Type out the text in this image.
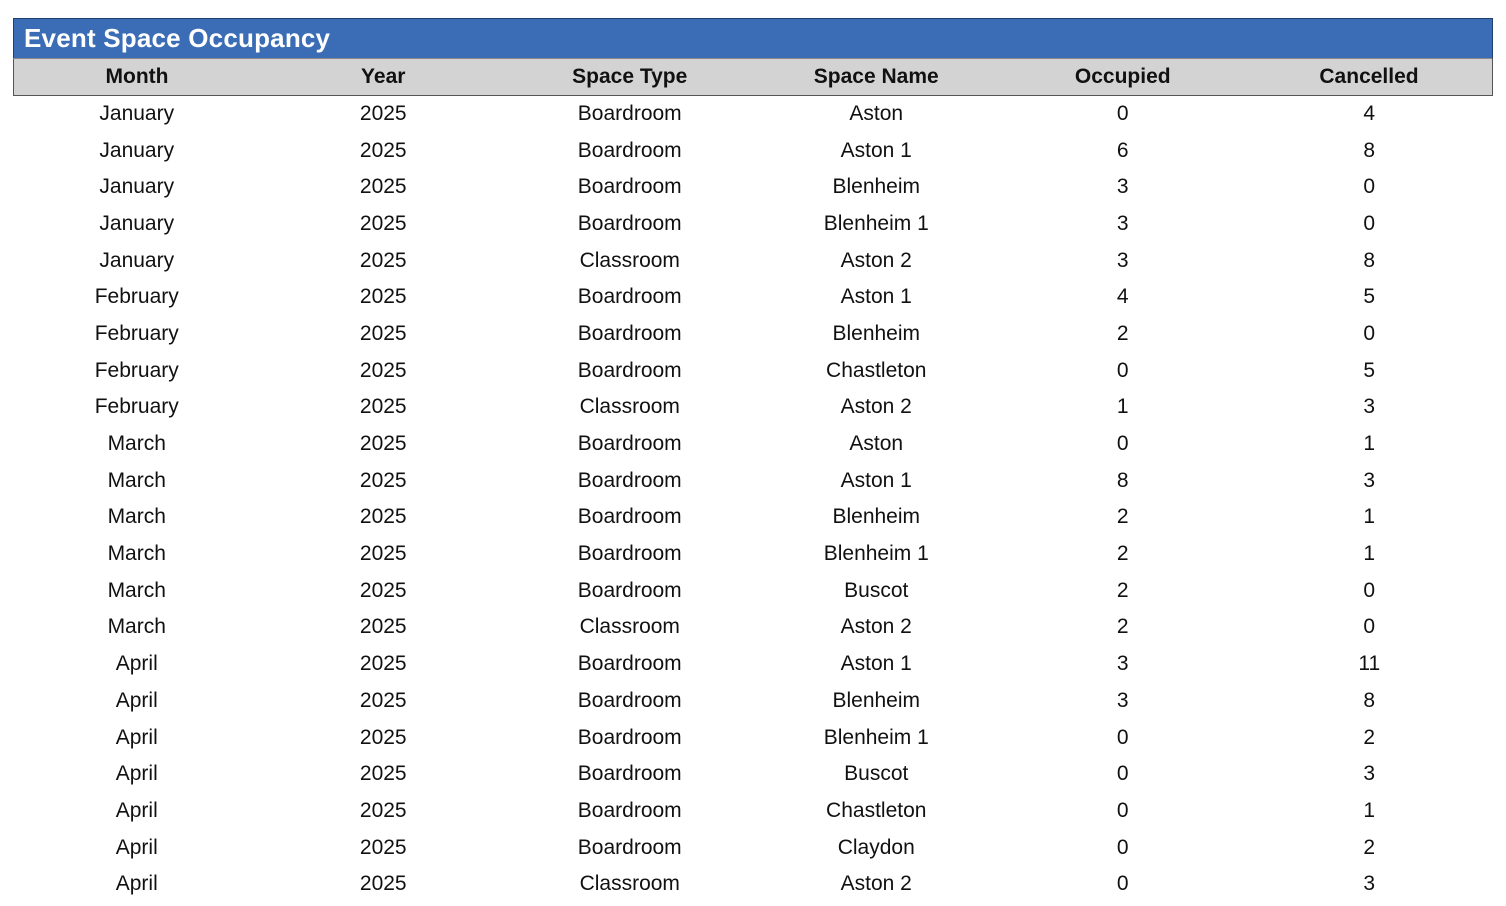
Event Space Occupancy
Month	Year	Space Type	Space Name	Occupied	Cancelled
January	2025	Boardroom	Aston	0	4
January	2025	Boardroom	Aston 1	6	8
January	2025	Boardroom	Blenheim	3	0
January	2025	Boardroom	Blenheim 1	3	0
January	2025	Classroom	Aston 2	3	8
February	2025	Boardroom	Aston 1	4	5
February	2025	Boardroom	Blenheim	2	0
February	2025	Boardroom	Chastleton	0	5
February	2025	Classroom	Aston 2	1	3
March	2025	Boardroom	Aston	0	1
March	2025	Boardroom	Aston 1	8	3
March	2025	Boardroom	Blenheim	2	1
March	2025	Boardroom	Blenheim 1	2	1
March	2025	Boardroom	Buscot	2	0
March	2025	Classroom	Aston 2	2	0
April	2025	Boardroom	Aston 1	3	11
April	2025	Boardroom	Blenheim	3	8
April	2025	Boardroom	Blenheim 1	0	2
April	2025	Boardroom	Buscot	0	3
April	2025	Boardroom	Chastleton	0	1
April	2025	Boardroom	Claydon	0	2
April	2025	Classroom	Aston 2	0	3
